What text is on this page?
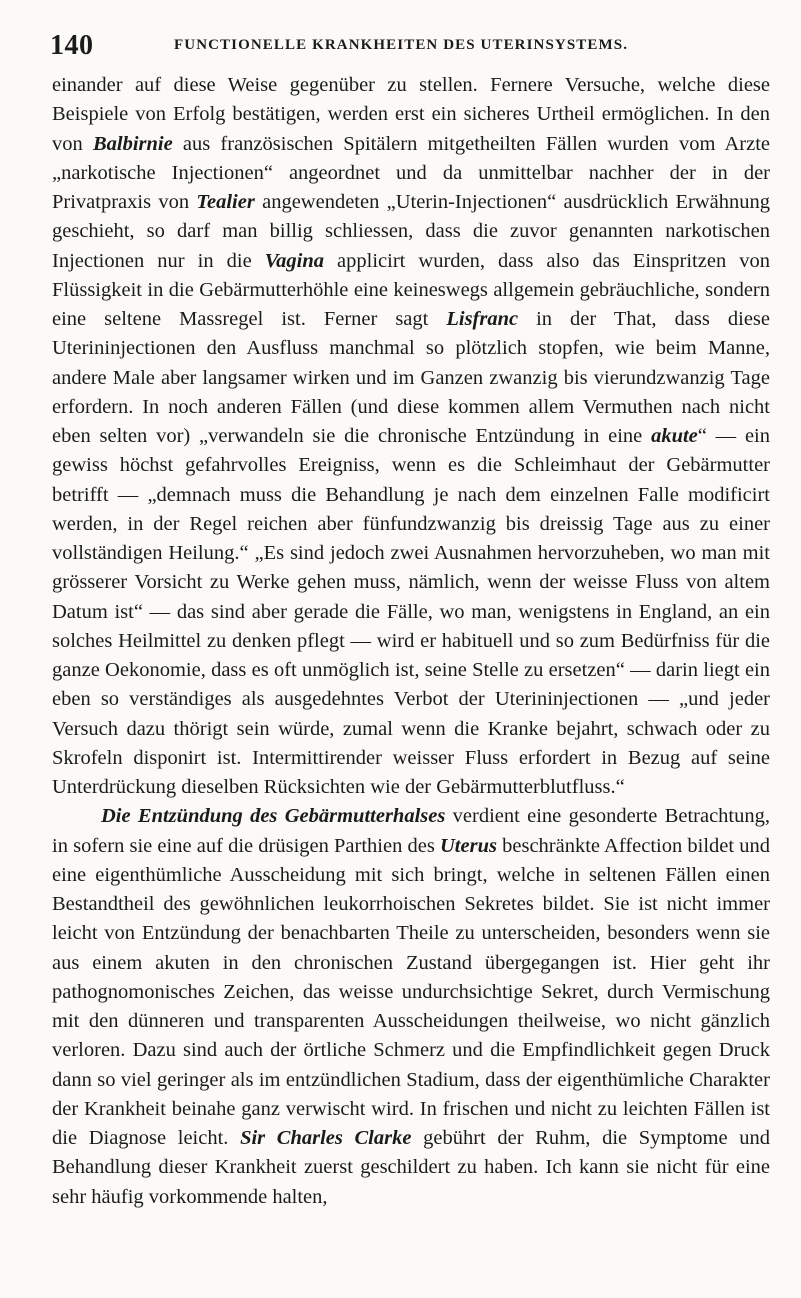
140	FUNCTIONELLE KRANKHEITEN DES UTERINSYSTEMS.

einander auf diese Weise gegenüber zu stellen. Fernere Versuche, welche diese Beispiele von Erfolg bestätigen, werden erst ein sicheres Urtheil ermöglichen. In den von Balbirnie aus französischen Spitälern mitgetheilten Fällen wurden vom Arzte „narkotische Injectionen“ angeordnet und da unmittelbar nachher der in der Privatpraxis von Tealier angewendeten „Uterin-Injectionen“ ausdrücklich Erwähnung geschieht, so darf man billig schliessen, dass die zuvor genannten narkotischen Injectionen nur in die Vagina applicirt wurden, dass also das Einspritzen von Flüssigkeit in die Gebärmutterhöhle eine keineswegs allgemein gebräuchliche, sondern eine seltene Massregel ist. Ferner sagt Lisfranc in der That, dass diese Uterininjectionen den Ausfluss manchmal so plötzlich stopfen, wie beim Manne, andere Male aber langsamer wirken und im Ganzen zwanzig bis vierundzwanzig Tage erfordern. In noch anderen Fällen (und diese kommen allem Vermuthen nach nicht eben selten vor) „verwandeln sie die chronische Entzündung in eine akute“ — ein gewiss höchst gefahrvolles Ereigniss, wenn es die Schleimhaut der Gebärmutter betrifft — „demnach muss die Behandlung je nach dem einzelnen Falle modificirt werden, in der Regel reichen aber fünfundzwanzig bis dreissig Tage aus zu einer vollständigen Heilung.“ „Es sind jedoch zwei Ausnahmen hervorzuheben, wo man mit grösserer Vorsicht zu Werke gehen muss, nämlich, wenn der weisse Fluss von altem Datum ist“ — das sind aber gerade die Fälle, wo man, wenigstens in England, an ein solches Heilmittel zu denken pflegt — wird er habituell und so zum Bedürfniss für die ganze Oekonomie, dass es oft unmöglich ist, seine Stelle zu ersetzen“ — darin liegt ein eben so verständiges als ausgedehntes Verbot der Uterininjectionen — „und jeder Versuch dazu thörigt sein würde, zumal wenn die Kranke bejahrt, schwach oder zu Skrofeln disponirt ist. Intermittirender weisser Fluss erfordert in Bezug auf seine Unterdrückung dieselben Rücksichten wie der Gebärmutterblutfluss.“

Die Entzündung des Gebärmutterhalses verdient eine gesonderte Betrachtung, in sofern sie eine auf die drüsigen Parthien des Uterus beschränkte Affection bildet und eine eigenthümliche Ausscheidung mit sich bringt, welche in seltenen Fällen einen Bestandtheil des gewöhnlichen leukorrhoischen Sekretes bildet. Sie ist nicht immer leicht von Entzündung der benachbarten Theile zu unterscheiden, besonders wenn sie aus einem akuten in den chronischen Zustand übergegangen ist. Hier geht ihr pathognomonisches Zeichen, das weisse undurchsichtige Sekret, durch Vermischung mit den dünneren und transparenten Ausscheidungen theilweise, wo nicht gänzlich verloren. Dazu sind auch der örtliche Schmerz und die Empfindlichkeit gegen Druck dann so viel geringer als im entzündlichen Stadium, dass der eigenthümliche Charakter der Krankheit beinahe ganz verwischt wird. In frischen und nicht zu leichten Fällen ist die Diagnose leicht. Sir Charles Clarke gebührt der Ruhm, die Symptome und Behandlung dieser Krankheit zuerst geschildert zu haben. Ich kann sie nicht für eine sehr häufig vorkommende halten,
